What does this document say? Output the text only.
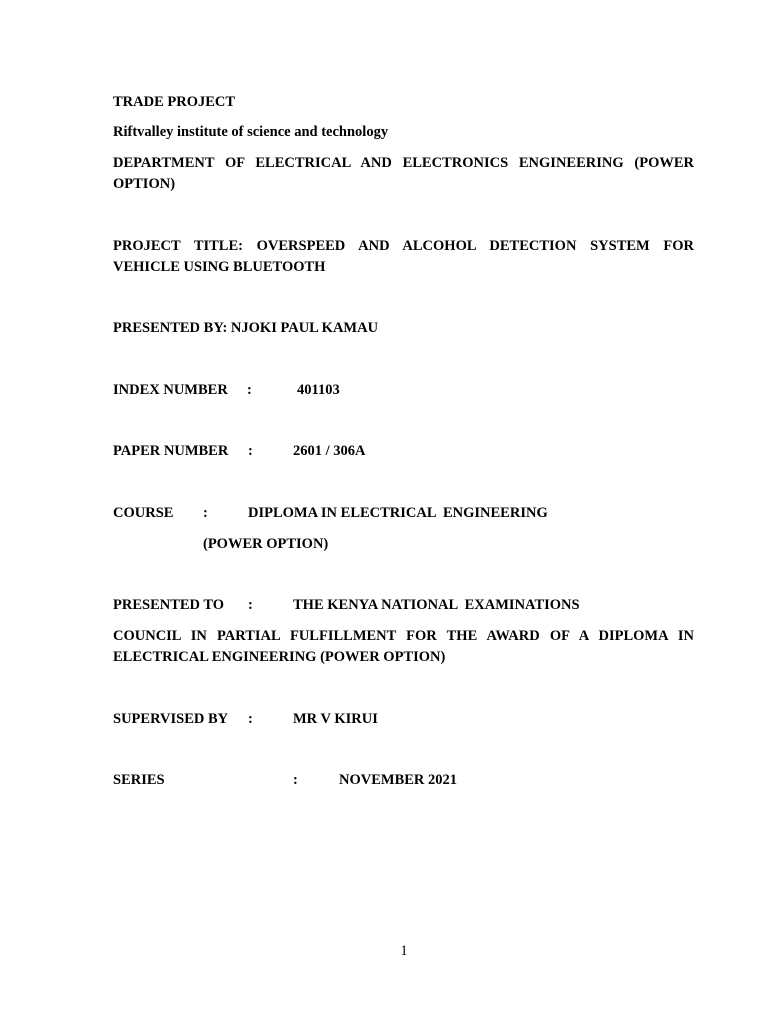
TRADE PROJECT
Riftvalley institute of science and technology
DEPARTMENT OF ELECTRICAL AND ELECTRONICS ENGINEERING (POWER
OPTION)
PROJECT TITLE: OVERSPEED AND ALCOHOL DETECTION SYSTEM FOR
VEHICLE USING BLUETOOTH
PRESENTED BY: NJOKI PAUL KAMAU
INDEX NUMBER :	401103
PAPER NUMBER :	2601 / 306A
COURSE :	DIPLOMA IN ELECTRICAL  ENGINEERING
(POWER OPTION)
PRESENTED TO :	THE KENYA NATIONAL  EXAMINATIONS
COUNCIL IN PARTIAL FULFILLMENT FOR THE AWARD OF A DIPLOMA IN
ELECTRICAL ENGINEERING (POWER OPTION)
SUPERVISED BY :	MR V KIRUI
SERIES	:	NOVEMBER 2021
1
